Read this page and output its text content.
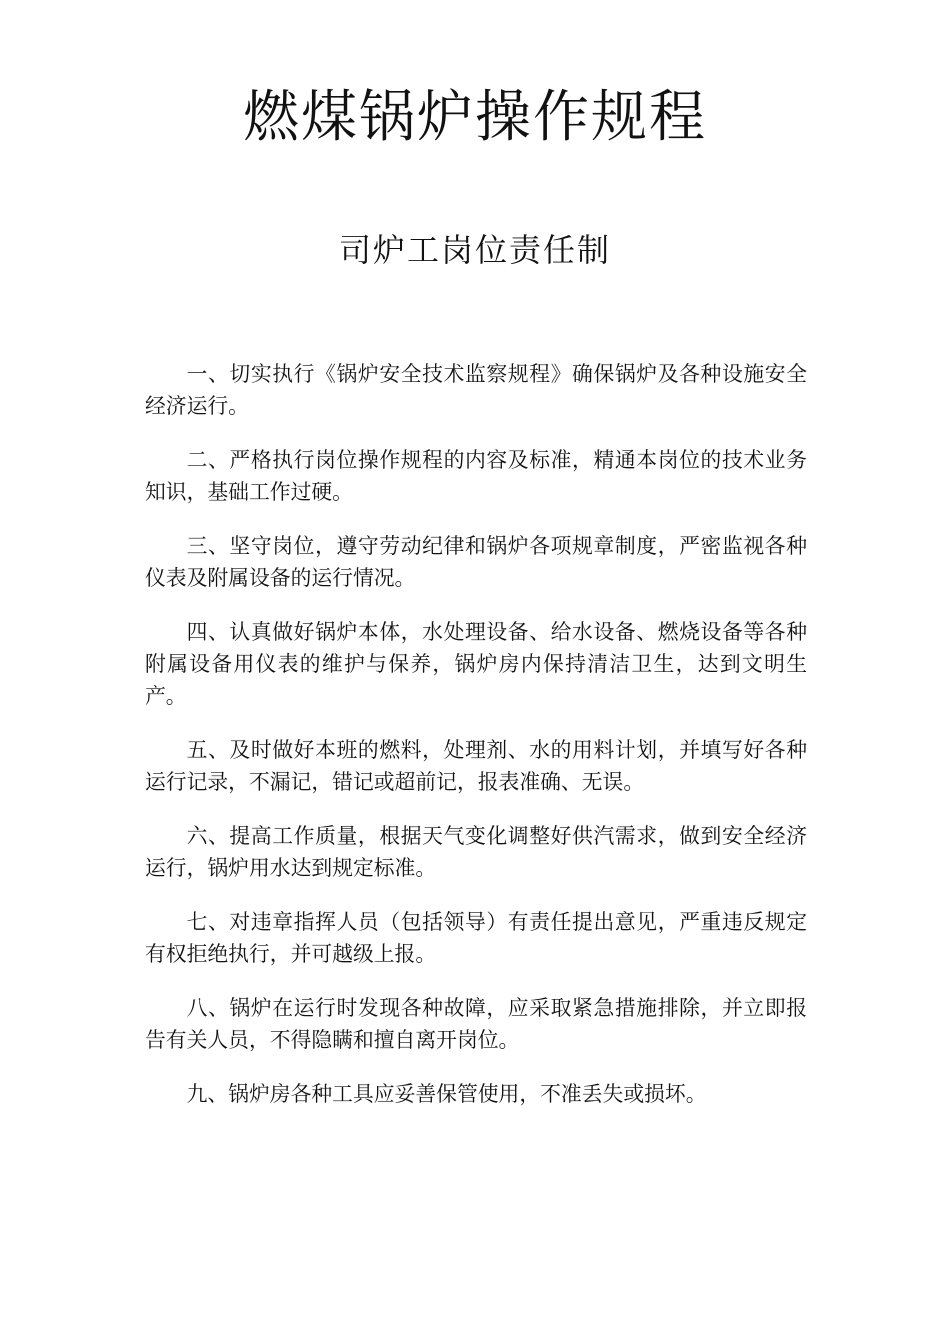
燃煤锅炉操作规程
司炉工岗位责任制
一、切实执行《锅炉安全技术监察规程》确保锅炉及各种设施安全经济运行。
二、严格执行岗位操作规程的内容及标准，精通本岗位的技术业务知识，基础工作过硬。
三、坚守岗位，遵守劳动纪律和锅炉各项规章制度，严密监视各种仪表及附属设备的运行情况。
四、认真做好锅炉本体，水处理设备、给水设备、燃烧设备等各种附属设备用仪表的维护与保养，锅炉房内保持清洁卫生，达到文明生产。
五、及时做好本班的燃料，处理剂、水的用料计划，并填写好各种运行记录，不漏记，错记或超前记，报表准确、无误。
六、提高工作质量，根据天气变化调整好供汽需求，做到安全经济运行，锅炉用水达到规定标准。
七、对违章指挥人员（包括领导）有责任提出意见，严重违反规定有权拒绝执行，并可越级上报。
八、锅炉在运行时发现各种故障，应采取紧急措施排除，并立即报告有关人员，不得隐瞒和擅自离开岗位。
九、锅炉房各种工具应妥善保管使用，不准丢失或损坏。
